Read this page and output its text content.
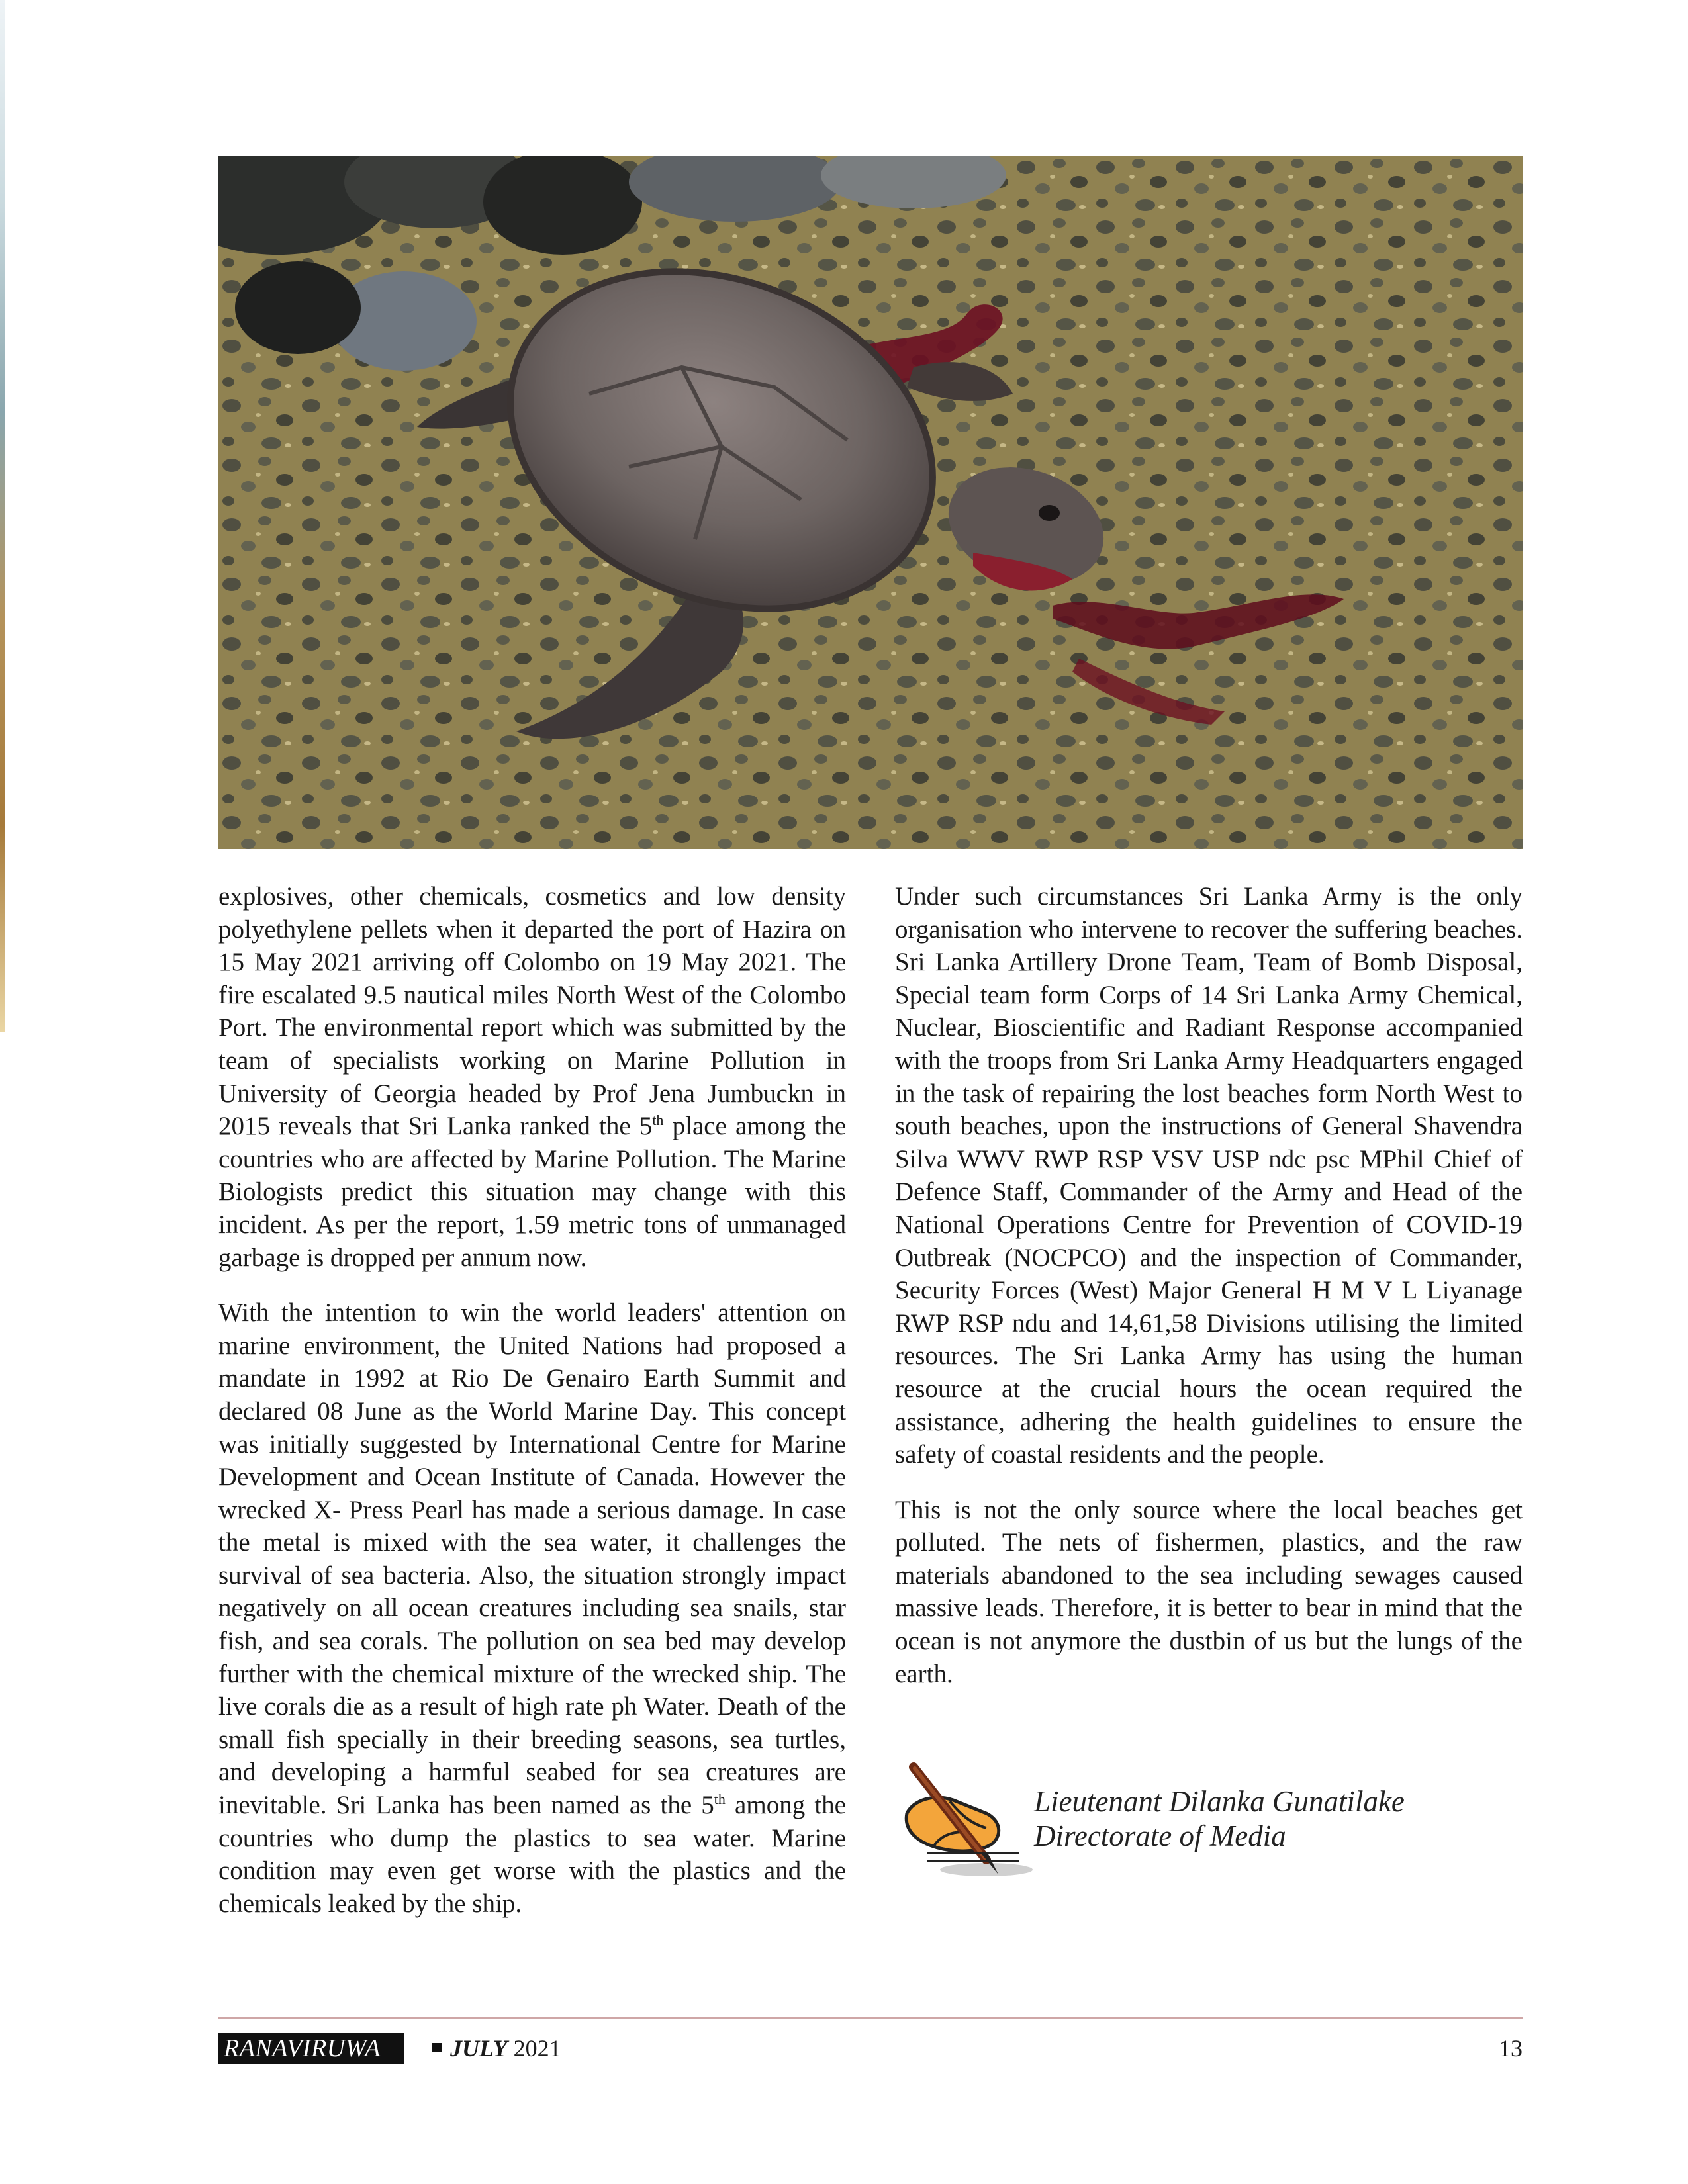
explosives, other chemicals, cosmetics and low density polyethylene pellets when it departed the port of Hazira on 15 May 2021 arriving off Colombo on 19 May 2021. The fire escalated 9.5 nautical miles North West of the Colombo Port. The environmental report which was submitted by the team of specialists working on Marine Pollution in University of Georgia headed by Prof Jena Jumbuckn in 2015 reveals that Sri Lanka ranked the 5th place among the countries who are affected by Marine Pollution. The Marine Biologists predict this situation may change with this incident. As per the report, 1.59 metric tons of unmanaged garbage is dropped per annum now.

With the intention to win the world leaders' attention on marine environment, the United Nations had proposed a mandate in 1992 at Rio De Genairo Earth Summit and declared 08 June as the World Marine Day. This concept was initially suggested by International Centre for Marine Development and Ocean Institute of Canada. However the wrecked X- Press Pearl has made a serious damage. In case the metal is mixed with the sea water, it challenges the survival of sea bacteria. Also, the situation strongly impact negatively on all ocean creatures including sea snails, star fish, and sea corals. The pollution on sea bed may develop further with the chemical mixture of the wrecked ship. The live corals die as a result of high rate ph Water. Death of the small fish specially in their breeding seasons, sea turtles, and developing a harmful seabed for sea creatures are inevitable. Sri Lanka has been named as the 5th among the countries who dump the plastics to sea water. Marine condition may even get worse with the plastics and the chemicals leaked by the ship.

Under such circumstances Sri Lanka Army is the only organisation who intervene to recover the suffering beaches. Sri Lanka Artillery Drone Team, Team of Bomb Disposal, Special team form Corps of 14 Sri Lanka Army Chemical, Nuclear, Bioscientific and Radiant Response accompanied with the troops from Sri Lanka Army Headquarters engaged in the task of repairing the lost beaches form North West to south beaches, upon the instructions of General Shavendra Silva WWV RWP RSP VSV USP ndc psc MPhil Chief of Defence Staff, Commander of the Army and Head of the National Operations Centre for Prevention of COVID-19 Outbreak (NOCPCO) and the inspection of Commander, Security Forces (West) Major General H M V L Liyanage RWP RSP ndu and 14,61,58 Divisions utilising the limited resources. The Sri Lanka Army has using the human resource at the crucial hours the ocean required the assistance, adhering the health guidelines to ensure the safety of coastal residents and the people.

This is not the only source where the local beaches get polluted. The nets of fishermen, plastics, and the raw materials abandoned to the sea including sewages caused massive leads. Therefore, it is better to bear in mind that the ocean is not anymore the dustbin of us but the lungs of the earth.

Lieutenant Dilanka Gunatilake
Directorate of Media
RANAVIRUWA	JULY 2021	13
